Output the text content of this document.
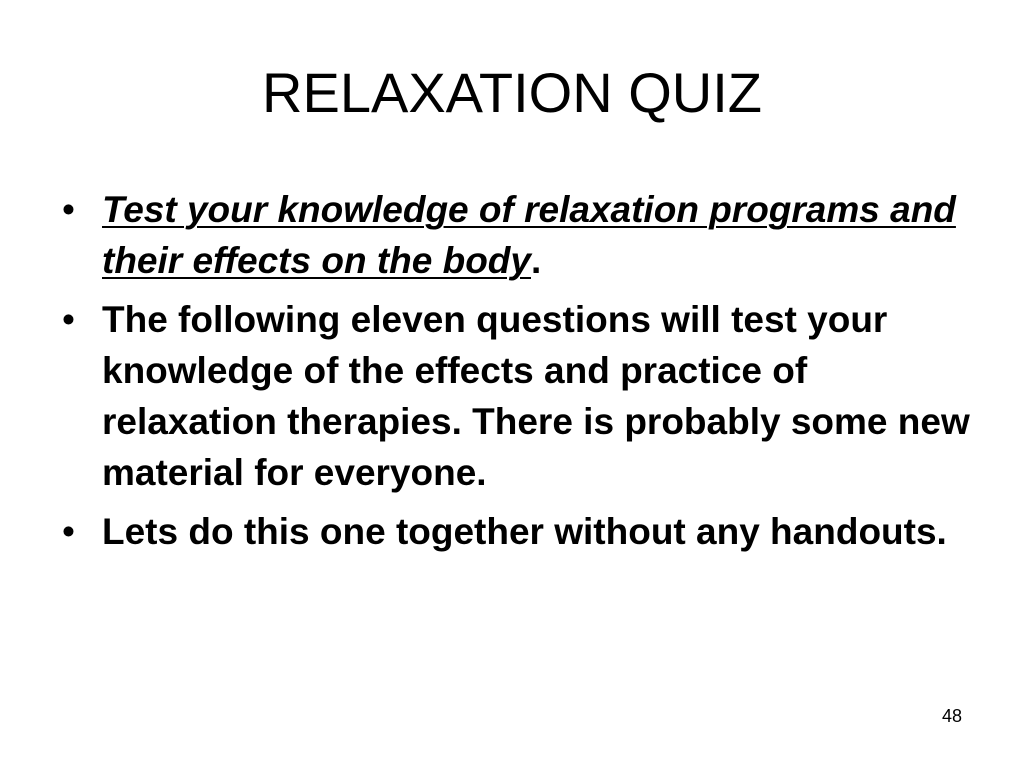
RELAXATION QUIZ
• Test your knowledge of relaxation programs and their effects on the body.
• The following eleven questions will test your knowledge of the effects and practice of relaxation therapies. There is probably some new material for everyone.
• Lets do this one together without any handouts.
48
